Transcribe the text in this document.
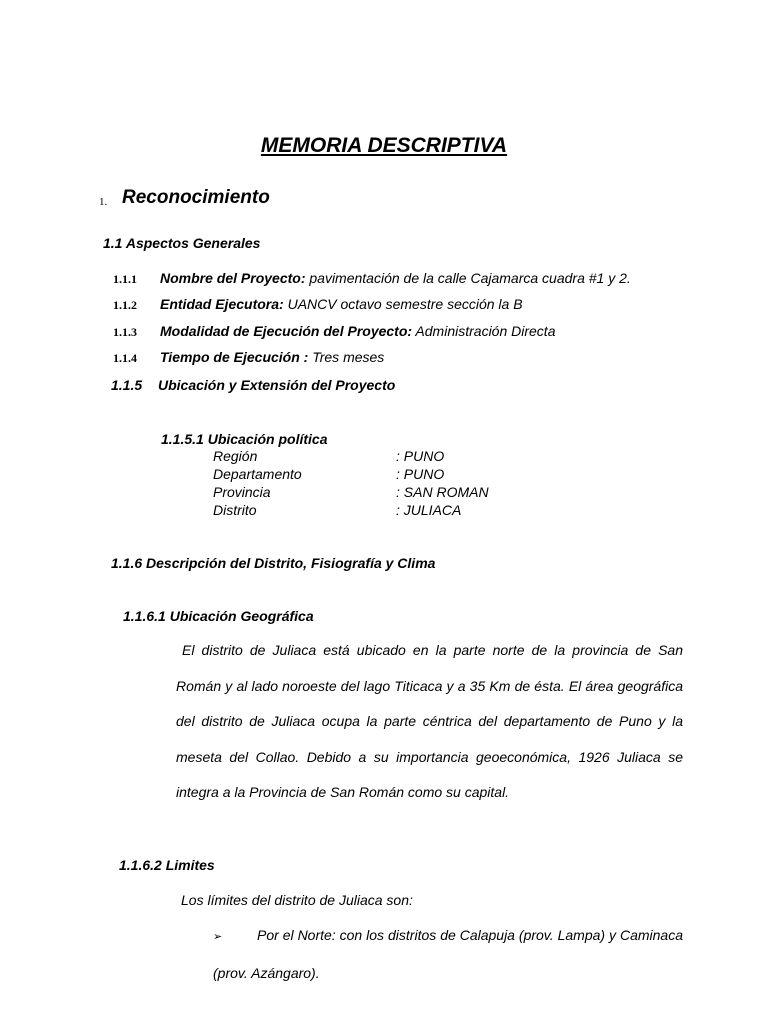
MEMORIA DESCRIPTIVA
1. Reconocimiento
1.1 Aspectos Generales
1.1.1 Nombre del Proyecto: pavimentación de la calle Cajamarca cuadra #1 y 2.
1.1.2 Entidad Ejecutora: UANCV octavo semestre sección la B
1.1.3 Modalidad de Ejecución del Proyecto: Administración Directa
1.1.4 Tiempo de Ejecución : Tres meses
1.1.5 Ubicación y Extensión del Proyecto
1.1.5.1 Ubicación política
Región	: PUNO
Departamento	: PUNO
Provincia	: SAN ROMAN
Distrito	: JULIACA
1.1.6 Descripción del Distrito, Fisiografía y Clima
1.1.6.1 Ubicación Geográfica
El distrito de Juliaca está ubicado en la parte norte de la provincia de San Román y al lado noroeste del lago Titicaca y a 35 Km de ésta. El área geográfica del distrito de Juliaca ocupa la parte céntrica del departamento de Puno y la meseta del Collao. Debido a su importancia geoeconómica, 1926 Juliaca se integra a la Provincia de San Román como su capital.
1.1.6.2 Limites
Los límites del distrito de Juliaca son:
➢ Por el Norte: con los distritos de Calapuja (prov. Lampa) y Caminaca (prov. Azángaro).
